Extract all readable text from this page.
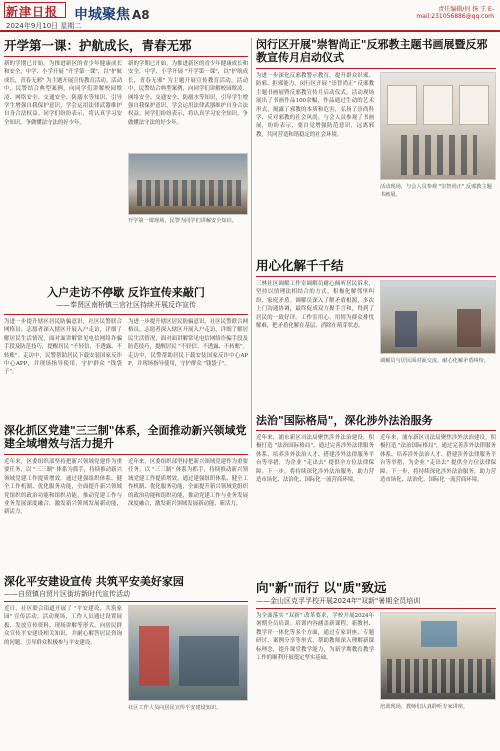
新津日报
2024年9月10日 星期二
申城聚焦 A8	责任编辑/何 扬 王 E-mail:231056886@qq.com
开学第一课：护航成长，青春无邪
新的学期已开始。为推进新区的青少年健康成长和安全，中学、小学开展 "开学第一课"，以"护航成长，青春无邪" 为主题开展宣传教育活动。活动中，民警结合典型案例，向同学们讲解校园欺凌、网络安全、交通安全、防溺水等知识，引导学生增强自我保护意识，学会运用法律武器维护自身合法权益。同学们纷纷表示，将认真学习安全知识，争做懂法守法的好少年。
新的学期已开始。为推进新区的青少年健康成长和安全，中学、小学开展 "开学第一课"，以"护航成长，青春无邪" 为主题开展宣传教育活动。活动中，民警结合典型案例，向同学们讲解校园欺凌、网络安全、交通安全、防溺水等知识，引导学生增强自我保护意识，学会运用法律武器维护自身合法权益。同学们纷纷表示，将认真学习安全知识，争做懂法守法的好少年。
开学第一课现场，民警为同学们讲解安全知识。
入户走访不停歇 反诈宣传来敲门
——奉贤区南桥镇三官社区持续开展反诈宣传
为进一步提升辖区居民防骗意识，社区民警联合网格员、志愿者深入辖区开展入户走访，详细了解居民生活情况，面对面讲解常见电信网络诈骗手段及防范技巧，提醒居民 "不轻信、不透露、不转账"。走访中，民警帮助居民下载安装国家反诈中心APP，并现场指导使用，守护群众 "钱袋子"。
为进一步提升辖区居民防骗意识，社区民警联合网格员、志愿者深入辖区开展入户走访，详细了解居民生活情况，面对面讲解常见电信网络诈骗手段及防范技巧，提醒居民 "不轻信、不透露、不转账"。走访中，民警帮助居民下载安装国家反诈中心APP，并现场指导使用，守护群众 "钱袋子"。
深化抓区党建"三三制"体系，全面推动新兴领域党建全域增效与活力提升
近年来，区委组织部坚持把新兴领域党建作为重要任务，以 "三三制" 体系为抓手，持续推动新兴领域党建工作提质增效。通过建强组织体系、健全工作机制、优化服务功能，全面提升新兴领域党组织的政治功能和组织功能，推动党建工作与业务发展深度融合，激发新兴领域发展新动能、新活力。
近年来，区委组织部坚持把新兴领域党建作为重要任务，以 "三三制" 体系为抓手，持续推动新兴领域党建工作提质增效。通过建强组织体系、健全工作机制、优化服务功能，全面提升新兴领域党组织的政治功能和组织功能，推动党建工作与业务发展深度融合，激发新兴领域发展新动能、新活力。
深化平安建设宣传 共筑平安美好家园
——自贸镇自贸片区街坊新时代宣传活动
近日，社区联合街道开展了 "平安建设，共筑家园" 宣传活动。活动现场，工作人员通过设置展板、发放宣传资料、现场讲解等形式，向居民群众宣传平安建设相关知识，并耐心解答居民咨询的问题，引导群众积极参与平安建设。
社区工作人员向居民宣传平安建设知识。
闵行区开展"崇智尚正"反邪教主题书画展暨反邪教宣传月启动仪式
为进一步深化反邪教警示教育，提升群众识邪、防邪、拒邪能力，闵行区开展 "崇智尚正" 反邪教主题书画展暨反邪教宣传月启动仪式。活动现场展出了书画作品100余幅，作品通过生动的艺术形式，揭露了邪教的本质和危害，弘扬了崇尚科学、反对邪教的社会风尚。与会人员参观了书画展，纷纷表示，要自觉增强防范意识，远离邪教，共同营造和谐稳定的社会环境。
活动现场，与会人员参观 "崇智尚正" 反邪教主题书画展。
用心化解千千结
三林社区调解工作室调解员耐心倾听居民诉求，坚持以情理法相结合的方式，积极化解邻里纠纷、家庭矛盾。调解员深入了解矛盾根源，多次上门沟通协调，最终促成双方握手言和，得到了居民的一致好评。工作室用心、用情为群众排忧解难，把矛盾化解在基层、消除在萌芽状态。
调解员与居民面对面交流，耐心化解矛盾纠纷。
法治"国际格局"，深化涉外法治服务
近年来，浦东新区司法局聚焦涉外法治建设，积极打造 "法治国际格局"，通过完善涉外法律服务体系、培养涉外法治人才、搭建涉外法律服务平台等举措，为企业 "走出去" 提供全方位法律保障。下一步，将持续深化涉外法治服务，助力营造市场化、法治化、国际化一流营商环境。
近年来，浦东新区司法局聚焦涉外法治建设，积极打造 "法治国际格局"，通过完善涉外法律服务体系、培养涉外法治人才、搭建涉外法律服务平台等举措，为企业 "走出去" 提供全方位法律保障。下一步，将持续深化涉外法治服务，助力营造市场化、法治化、国际化一流营商环境。
向"新"而行 以"质"致远
——金山区克孚孚校开展2024年"双新"暑期全员培训
为全面落实 "双新" 改革要求，学校开展2024年暑期全员培训。培训内容涵盖新课程、新教材、教学评一体化等多个方面，通过专家讲座、专题研讨、案例分享等形式，帮助教师深入理解新课标理念，提升课堂教学能力，为新学期教育教学工作的顺利开展奠定坚实基础。
培训现场，教师们认真聆听专家讲座。
